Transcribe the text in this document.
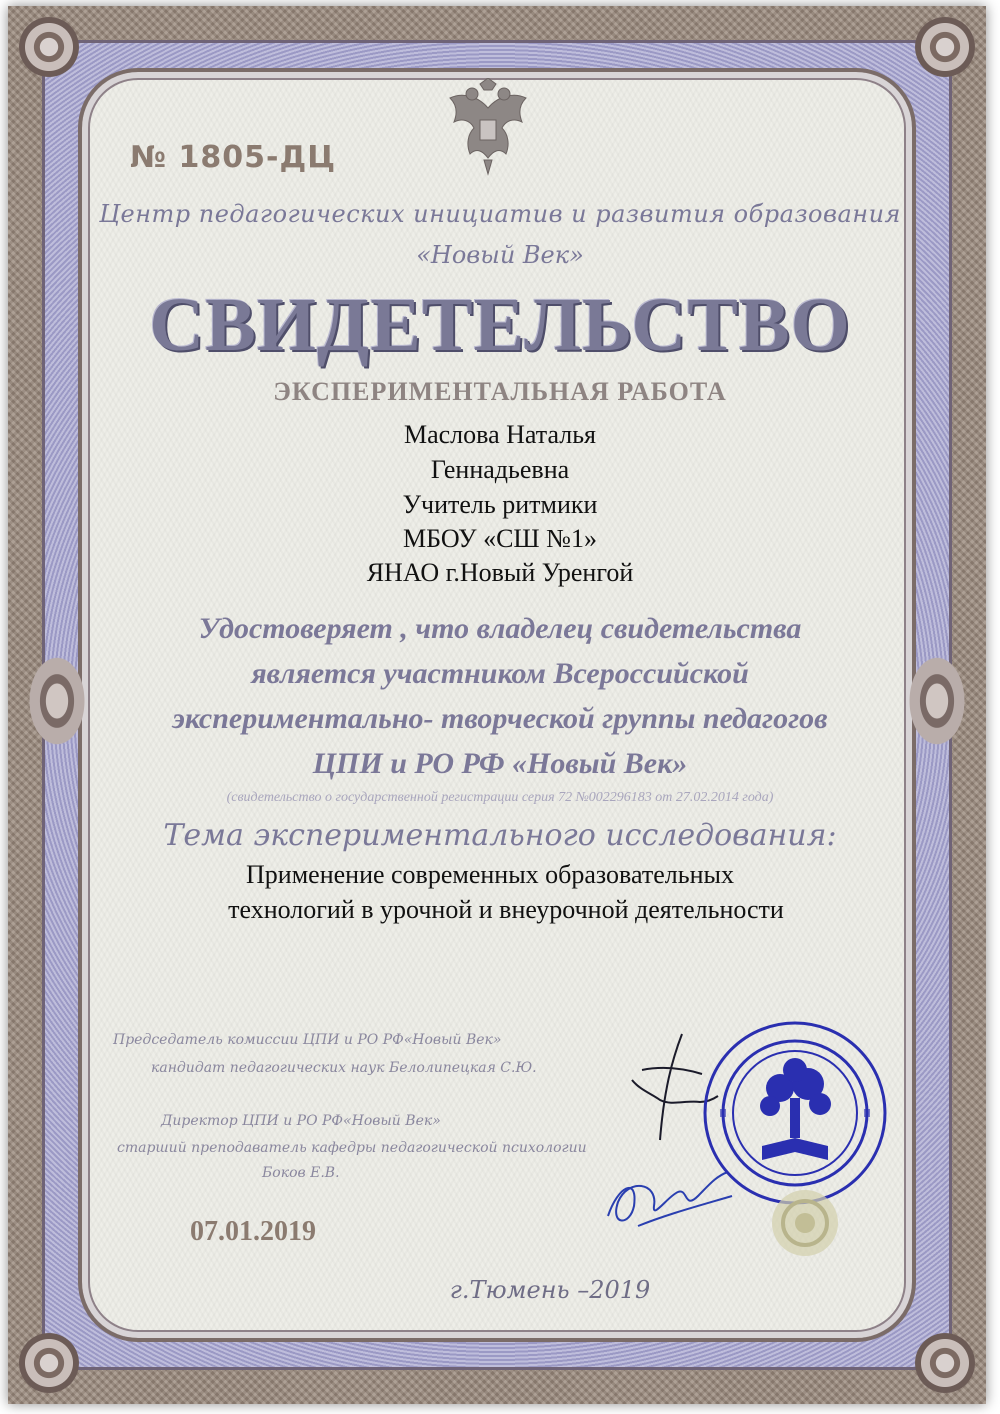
№ 1805-ДЦ
Центр педагогических инициатив и развития образования
«Новый Век»
СВИДЕТЕЛЬСТВО
ЭКСПЕРИМЕНТАЛЬНАЯ РАБОТА
Маслова Наталья
Геннадьевна
Учитель ритмики
МБОУ «СШ №1»
ЯНАО г.Новый Уренгой
Удостоверяет , что владелец свидетельства
является участником Всероссийской
экспериментально- творческой группы педагогов
ЦПИ и РО РФ «Новый Век»
(свидетельство о государственной регистрации серия 72 №002296183 от 27.02.2014 года)
Тема экспериментального исследования:
Применение современных образовательных
технологий в урочной и внеурочной деятельности
Председатель комиссии ЦПИ и РО РФ«Новый Век»
кандидат педагогических наук Белолипецкая С.Ю.
Директор ЦПИ и РО РФ«Новый Век»
старший преподаватель кафедры педагогической психологии
Боков Е.В.
07.01.2019
г.Тюмень –2019
